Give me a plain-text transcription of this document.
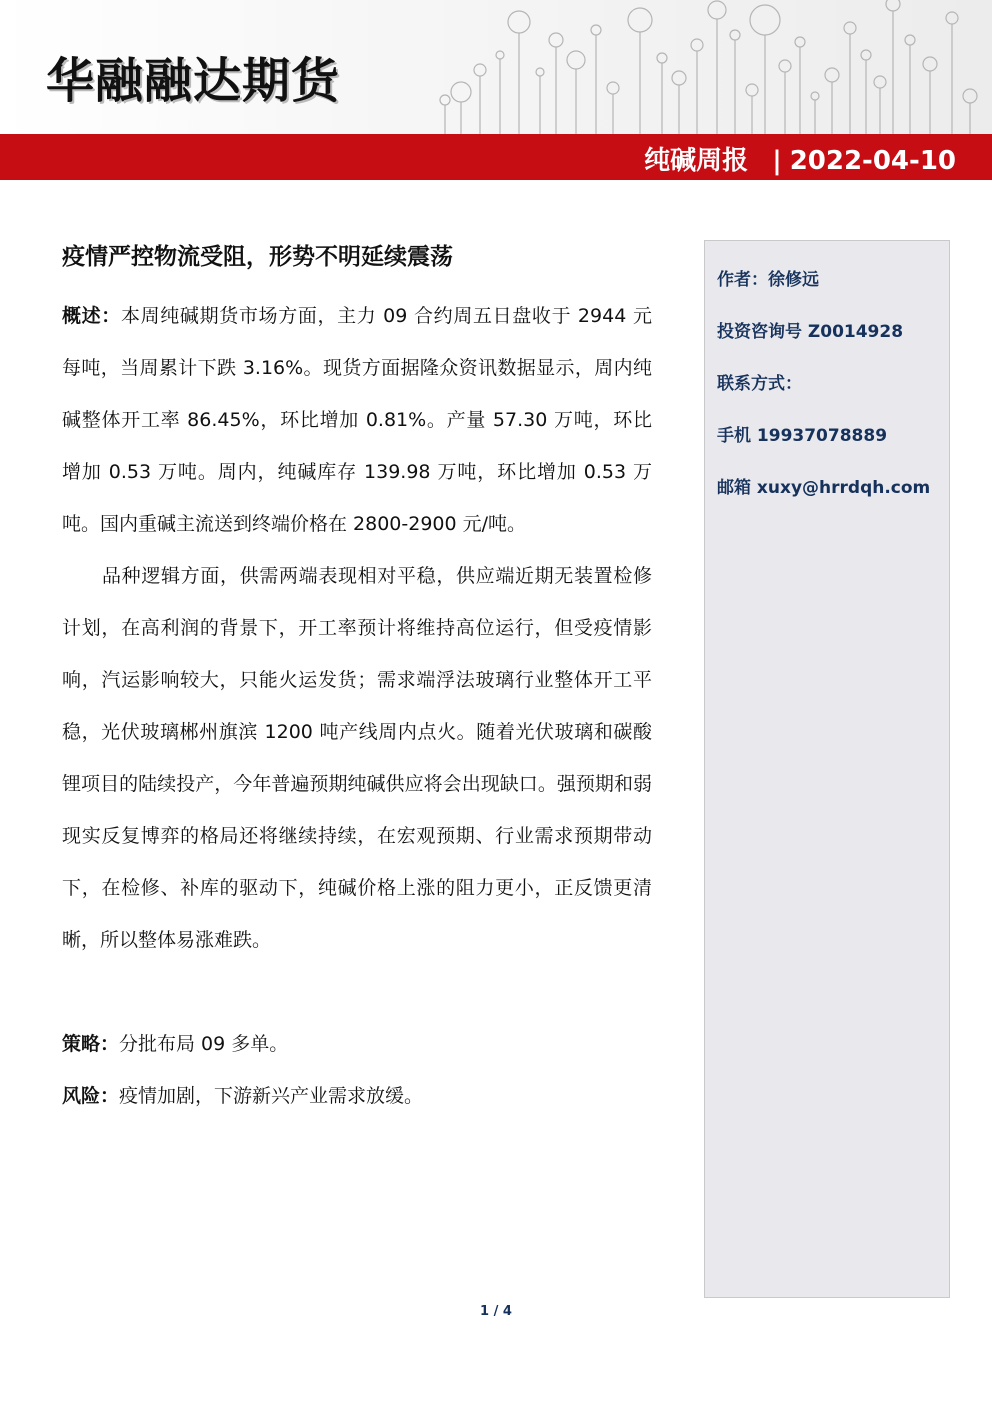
华融融达期货
纯碱周报 | 2022-04-10
疫情严控物流受阻，形势不明延续震荡

概述：本周纯碱期货市场方面，主力 09 合约周五日盘收于 2944 元每吨，当周累计下跌 3.16%。现货方面据隆众资讯数据显示，周内纯碱整体开工率 86.45%，环比增加 0.81%。产量 57.30 万吨，环比增加 0.53 万吨。周内，纯碱库存 139.98 万吨，环比增加 0.53 万吨。国内重碱主流送到终端价格在 2800-2900 元/吨。

品种逻辑方面，供需两端表现相对平稳，供应端近期无装置检修计划，在高利润的背景下，开工率预计将维持高位运行，但受疫情影响，汽运影响较大，只能火运发货；需求端浮法玻璃行业整体开工平稳，光伏玻璃郴州旗滨 1200 吨产线周内点火。随着光伏玻璃和碳酸锂项目的陆续投产，今年普遍预期纯碱供应将会出现缺口。强预期和弱现实反复博弈的格局还将继续持续，在宏观预期、行业需求预期带动下，在检修、补库的驱动下，纯碱价格上涨的阻力更小，正反馈更清晰，所以整体易涨难跌。

策略：分批布局 09 多单。

风险：疫情加剧，下游新兴产业需求放缓。

作者：徐修远
投资咨询号 Z0014928
联系方式：
手机 19937078889
邮箱 xuxy@hrrdqh.com
1 / 4
